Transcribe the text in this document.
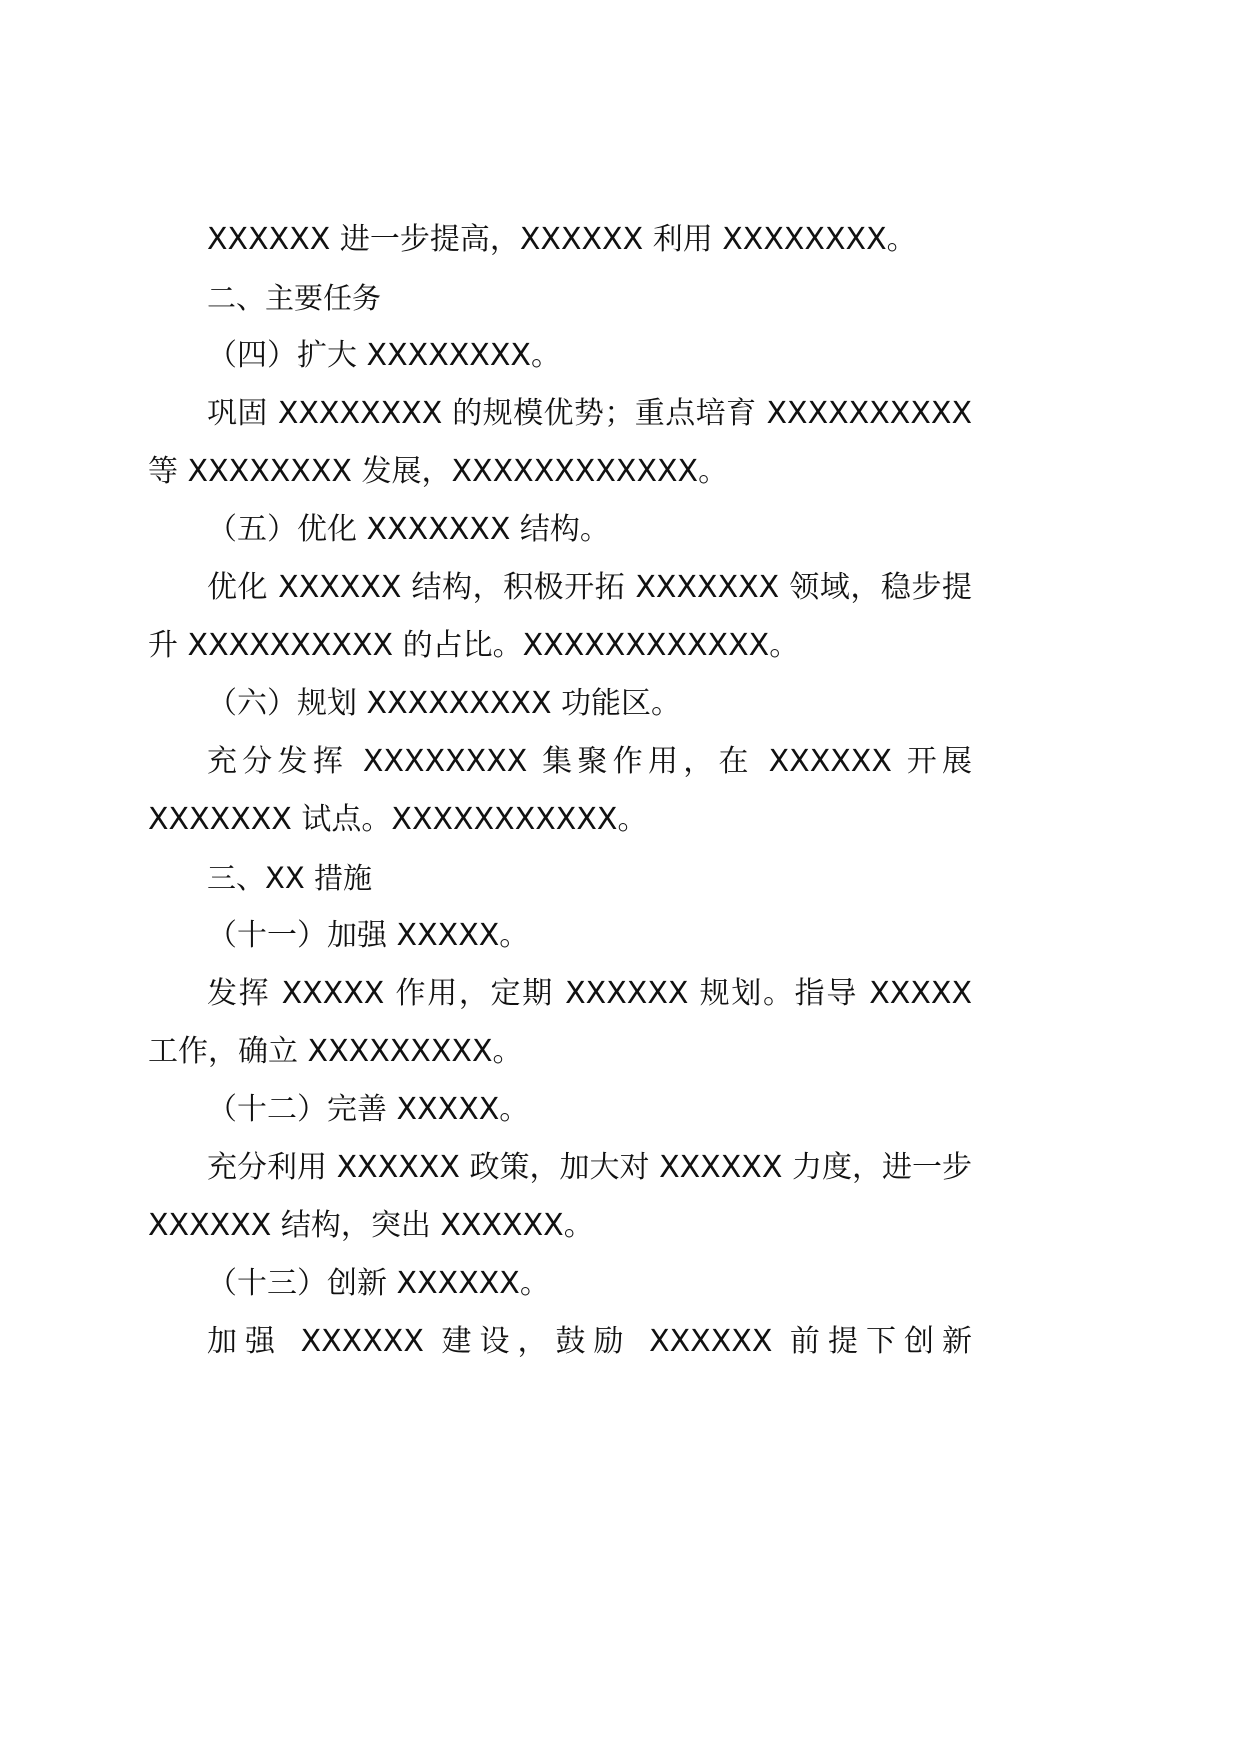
XXXXXX 进一步提高，XXXXXX 利用 XXXXXXXX。

二、主要任务

（四）扩大 XXXXXXXX。

巩固 XXXXXXXX 的规模优势；重点培育 XXXXXXXXXX

等 XXXXXXXX 发展，XXXXXXXXXXXX。

（五）优化 XXXXXXX 结构。

优化 XXXXXX 结构，积极开拓 XXXXXXX 领域，稳步提

升 XXXXXXXXXX 的占比。XXXXXXXXXXXX。

（六）规划 XXXXXXXXX 功能区。

充分发挥 XXXXXXXX 集聚作用，在 XXXXXX 开展

XXXXXXX 试点。XXXXXXXXXXX。

三、XX 措施

（十一）加强 XXXXX。

发挥 XXXXX 作用，定期 XXXXXX 规划。指导 XXXXX

工作，确立 XXXXXXXXX。

（十二）完善 XXXXX。

充分利用 XXXXXX 政策，加大对 XXXXXX 力度，进一步

XXXXXX 结构，突出 XXXXXX。

（十三）创新 XXXXXX。

加强 XXXXXX 建设，鼓励 XXXXXX 前提下创新
